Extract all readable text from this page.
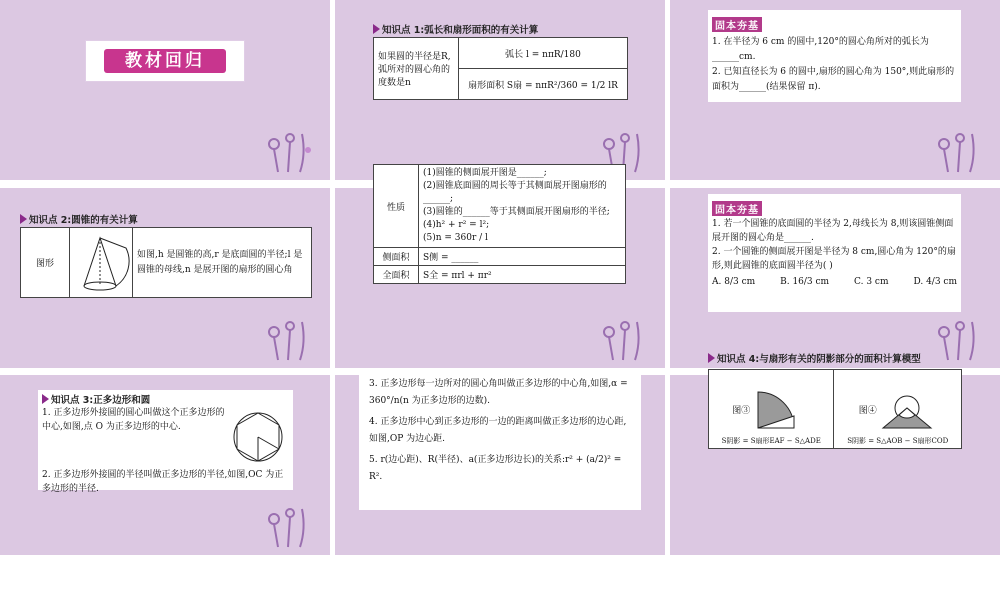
教材回归
知识点 1:弧长和扇形面积的有关计算
如果圆的半径是R,弧所对的圆心角的度数是n	弧长 l = nπR/180
扇形面积 S扇 = nπR²/360 = 1/2 lR
固本夯基
1. 在半径为 6 cm 的圆中,120°的圆心角所对的弧长为______cm.
2. 已知直径长为 6 的圆中,扇形的圆心角为 150°,则此扇形的面积为______(结果保留 π).
知识点 2:圆锥的有关计算
图形		如图,h 是圆锥的高,r 是底面圆的半径;l 是圆锥的母线,n 是展开图的扇形的圆心角
性质	(1)圆锥的侧面展开图是______;
(2)圆锥底面圆的周长等于其侧面展开图扇形的______;
(3)圆锥的______等于其侧面展开图扇形的半径;
(4)h² + r² = l²;
(5)n = 360r / l

侧面积	S侧 = ______
全面积	S全 = πrl + πr²
固本夯基
1. 若一个圆锥的底面圆的半径为 2,母线长为 8,则该圆锥侧面展开图的圆心角是______.
2. 一个圆锥的侧面展开图是半径为 8 cm,圆心角为 120°的扇形,则此圆锥的底面圆半径为( )
A. 8/3 cm	B. 16/3 cm	C. 3 cm	D. 4/3 cm
知识点 3:正多边形和圆
1. 正多边形外接圆的圆心叫做这个正多边形的中心,如图,点 O 为正多边形的中心.
2. 正多边形外接圆的半径叫做正多边形的半径,如图,OC 为正多边形的半径.
3. 正多边形每一边所对的圆心角叫做正多边形的中心角,如图,α = 360°/n(n 为正多边形的边数).
4. 正多边形中心到正多边形的一边的距离叫做正多边形的边心距,如图,OP 为边心距.
5. r(边心距)、R(半径)、a(正多边形边长)的关系:r² + (a/2)² = R².
知识点 4:与扇形有关的阴影部分的面积计算模型
图③
S阴影 = S扇形EAF − S△ADE

图④
S阴影 = S△AOB − S扇形COD
